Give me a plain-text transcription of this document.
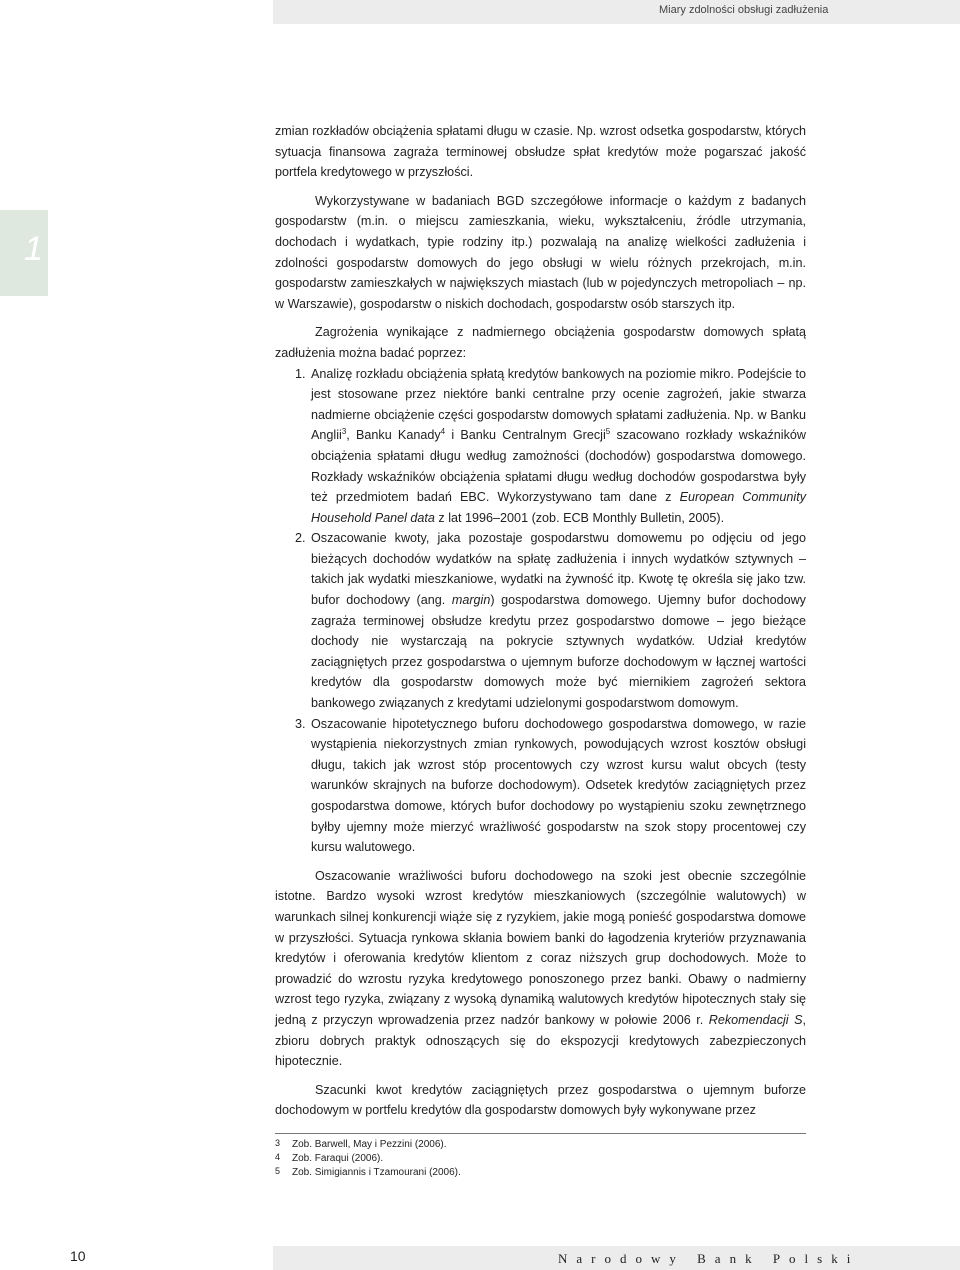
Miary zdolności obsługi zadłużenia
1

zmian rozkładów obciążenia spłatami długu w czasie. Np. wzrost odsetka gospodarstw, których sytuacja finansowa zagraża terminowej obsłudze spłat kredytów może pogarszać jakość portfela kredytowego w przyszłości.

Wykorzystywane w badaniach BGD szczegółowe informacje o każdym z badanych gospodarstw (m.in. o miejscu zamieszkania, wieku, wykształceniu, źródle utrzymania, dochodach i wydatkach, typie rodziny itp.) pozwalają na analizę wielkości zadłużenia i zdolności gospodarstw domowych do jego obsługi w wielu różnych przekrojach, m.in. gospodarstw zamieszkałych w największych miastach (lub w pojedynczych metropoliach – np. w Warszawie), gospodarstw o niskich dochodach, gospodarstw osób starszych itp.

Zagrożenia wynikające z nadmiernego obciążenia gospodarstw domowych spłatą zadłużenia można badać poprzez:

1. Analizę rozkładu obciążenia spłatą kredytów bankowych na poziomie mikro. Podejście to jest stosowane przez niektóre banki centralne przy ocenie zagrożeń, jakie stwarza nadmierne obciążenie części gospodarstw domowych spłatami zadłużenia. Np. w Banku Anglii$^3$, Banku Kanady$^4$ i Banku Centralnym Grecji$^5$ szacowano rozkłady wskaźników obciążenia spłatami długu według zamożności (dochodów) gospodarstwa domowego. Rozkłady wskaźników obciążenia spłatami długu według dochodów gospodarstwa były też przedmiotem badań EBC. Wykorzystywano tam dane z European Community Household Panel data z lat 1996–2001 (zob. ECB Monthly Bulletin, 2005).
2. Oszacowanie kwoty, jaka pozostaje gospodarstwu domowemu po odjęciu od jego bieżących dochodów wydatków na spłatę zadłużenia i innych wydatków sztywnych – takich jak wydatki mieszkaniowe, wydatki na żywność itp. Kwotę tę określa się jako tzw. bufor dochodowy (ang. margin) gospodarstwa domowego. Ujemny bufor dochodowy zagraża terminowej obsłudze kredytu przez gospodarstwo domowe – jego bieżące dochody nie wystarczają na pokrycie sztywnych wydatków. Udział kredytów zaciągniętych przez gospodarstwa o ujemnym buforze dochodowym w łącznej wartości kredytów dla gospodarstw domowych może być miernikiem zagrożeń sektora bankowego związanych z kredytami udzielonymi gospodarstwom domowym.
3. Oszacowanie hipotetycznego buforu dochodowego gospodarstwa domowego, w razie wystąpienia niekorzystnych zmian rynkowych, powodujących wzrost kosztów obsługi długu, takich jak wzrost stóp procentowych czy wzrost kursu walut obcych (testy warunków skrajnych na buforze dochodowym). Odsetek kredytów zaciągniętych przez gospodarstwa domowe, których bufor dochodowy po wystąpieniu szoku zewnętrznego byłby ujemny może mierzyć wrażliwość gospodarstw na szok stopy procentowej czy kursu walutowego.

Oszacowanie wrażliwości buforu dochodowego na szoki jest obecnie szczególnie istotne. Bardzo wysoki wzrost kredytów mieszkaniowych (szczególnie walutowych) w warunkach silnej konkurencji wiąże się z ryzykiem, jakie mogą ponieść gospodarstwa domowe w przyszłości. Sytuacja rynkowa skłania bowiem banki do łagodzenia kryteriów przyznawania kredytów i oferowania kredytów klientom z coraz niższych grup dochodowych. Może to prowadzić do wzrostu ryzyka kredytowego ponoszonego przez banki. Obawy o nadmierny wzrost tego ryzyka, związany z wysoką dynamiką walutowych kredytów hipotecznych stały się jedną z przyczyn wprowadzenia przez nadzór bankowy w połowie 2006 r. Rekomendacji S, zbioru dobrych praktyk odnoszących się do ekspozycji kredytowych zabezpieczonych hipotecznie.

Szacunki kwot kredytów zaciągniętych przez gospodarstwa o ujemnym buforze dochodowym w portfelu kredytów dla gospodarstw domowych były wykonywane przez

3 Zob. Barwell, May i Pezzini (2006).
4 Zob. Faraqui (2006).
5 Zob. Simigiannis i Tzamourani (2006).
10	Narodowy Bank Polski
